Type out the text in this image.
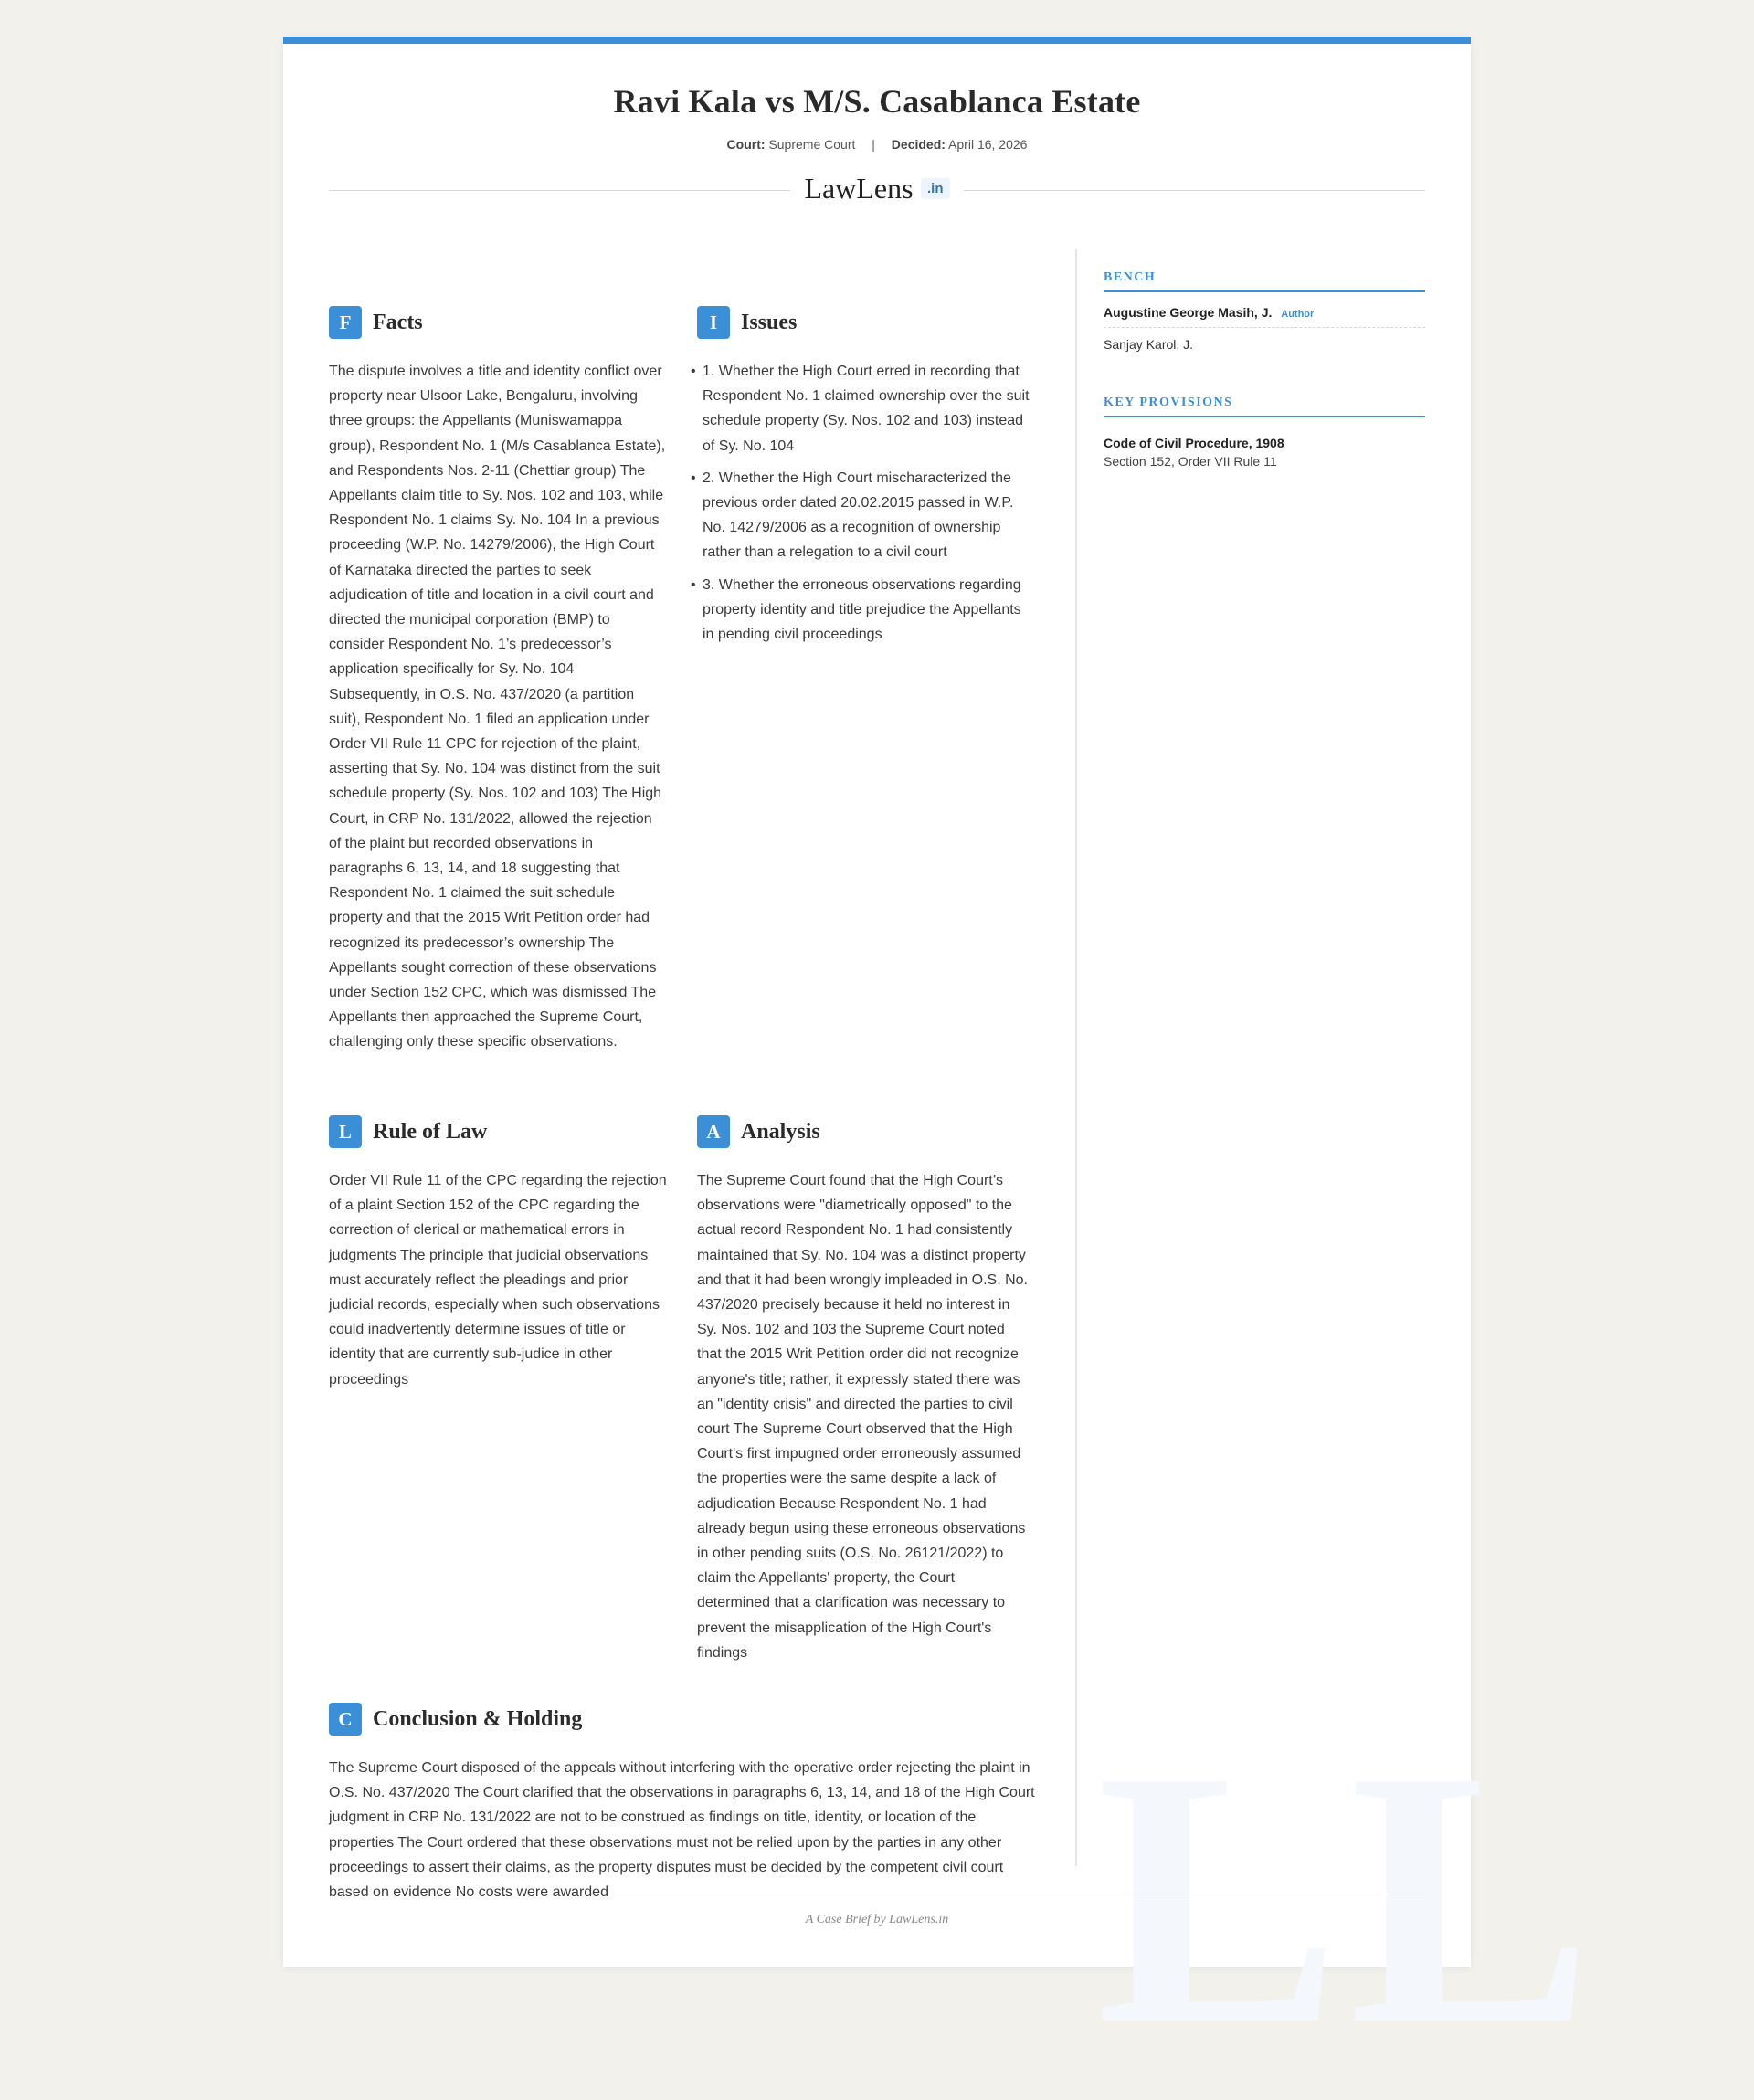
LL
Ravi Kala vs M/S. Casablanca Estate
Court: Supreme Court | Decided: April 16, 2026
LawLens .in
F Facts

The dispute involves a title and identity conflict over property near Ulsoor Lake, Bengaluru, involving three groups: the Appellants (Muniswamappa group), Respondent No. 1 (M/s Casablanca Estate), and Respondents Nos. 2-11 (Chettiar group) The Appellants claim title to Sy. Nos. 102 and 103, while Respondent No. 1 claims Sy. No. 104 In a previous proceeding (W.P. No. 14279/2006), the High Court of Karnataka directed the parties to seek adjudication of title and location in a civil court and directed the municipal corporation (BMP) to consider Respondent No. 1’s predecessor’s application specifically for Sy. No. 104 Subsequently, in O.S. No. 437/2020 (a partition suit), Respondent No. 1 filed an application under Order VII Rule 11 CPC for rejection of the plaint, asserting that Sy. No. 104 was distinct from the suit schedule property (Sy. Nos. 102 and 103) The High Court, in CRP No. 131/2022, allowed the rejection of the plaint but recorded observations in paragraphs 6, 13, 14, and 18 suggesting that Respondent No. 1 claimed the suit schedule property and that the 2015 Writ Petition order had recognized its predecessor’s ownership The Appellants sought correction of these observations under Section 152 CPC, which was dismissed The Appellants then approached the Supreme Court, challenging only these specific observations.

I	Issues
• 1. Whether the High Court erred in recording that Respondent No. 1 claimed ownership over the suit schedule property (Sy. Nos. 102 and 103) instead of Sy. No. 104
• 2. Whether the High Court mischaracterized the previous order dated 20.02.2015 passed in W.P. No. 14279/2006 as a recognition of ownership rather than a relegation to a civil court
• 3. Whether the erroneous observations regarding property identity and title prejudice the Appellants in pending civil proceedings
L Rule of Law

Order VII Rule 11 of the CPC regarding the rejection of a plaint Section 152 of the CPC regarding the correction of clerical or mathematical errors in judgments The principle that judicial observations must accurately reflect the pleadings and prior judicial records, especially when such observations could inadvertently determine issues of title or identity that are currently sub-judice in other proceedings

A Analysis

The Supreme Court found that the High Court’s observations were "diametrically opposed" to the actual record Respondent No. 1 had consistently maintained that Sy. No. 104 was a distinct property and that it had been wrongly impleaded in O.S. No. 437/2020 precisely because it held no interest in Sy. Nos. 102 and 103 the Supreme Court noted that the 2015 Writ Petition order did not recognize anyone's title; rather, it expressly stated there was an "identity crisis" and directed the parties to civil court The Supreme Court observed that the High Court's first impugned order erroneously assumed the properties were the same despite a lack of adjudication Because Respondent No. 1 had already begun using these erroneous observations in other pending suits (O.S. No. 26121/2022) to claim the Appellants' property, the Court determined that a clarification was necessary to prevent the misapplication of the High Court's findings

C Conclusion & Holding

The Supreme Court disposed of the appeals without interfering with the operative order rejecting the plaint in O.S. No. 437/2020 The Court clarified that the observations in paragraphs 6, 13, 14, and 18 of the High Court judgment in CRP No. 131/2022 are not to be construed as findings on title, identity, or location of the properties The Court ordered that these observations must not be relied upon by the parties in any other proceedings to assert their claims, as the property disputes must be decided by the competent civil court based on evidence No costs were awarded

BENCH
Augustine George Masih, J. Author
Sanjay Karol, J.
KEY PROVISIONS
Code of Civil Procedure, 1908
Section 152, Order VII Rule 11
A Case Brief by LawLens.in
